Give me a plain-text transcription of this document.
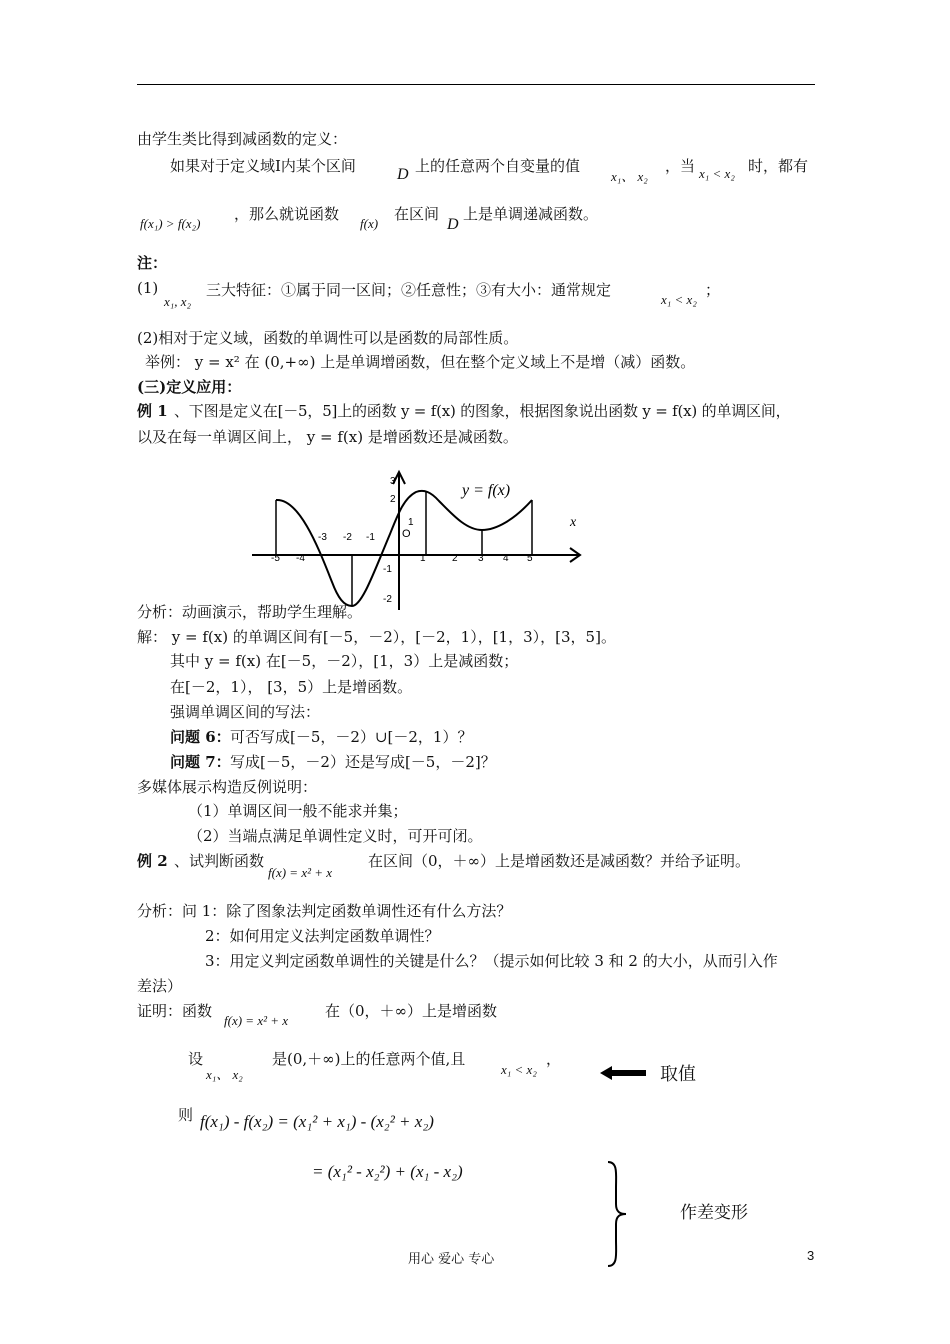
由学生类比得到减函数的定义：
如果对于定义域Ⅰ内某个区间	D 上的任意两个自变量的值
x₁、 x₂
，当 x₁ < x₂ 时，都有
f(x₁) > f(x₂)
，那么就说函数
f(x)
在区间
D
上是单调递减函数。
注：
(1)
x₁, x₂
三大特征：①属于同一区间；②任意性；③有大小：通常规定
x₁ < x₂
；
(2)相对于定义域，函数的单调性可以是函数的局部性质。
举例： y = x² 在 (0,+∞) 上是单调增函数，但在整个定义域上不是增（减）函数。
(三)定义应用：
例 1 、下图是定义在[－5，5]上的函数 y = f(x) 的图象，根据图象说出函数 y = f(x) 的单调区间，
以及在每一单调区间上， y = f(x) 是增函数还是减函数。
-5 -4
-3 -2 -1 O
1	2 3 4 5
3
2
1
-1
-2
x
y = f(x)
分析：动画演示，帮助学生理解。
解： y = f(x) 的单调区间有[－5，－2），[－2，1），[1，3），[3，5]。
其中 y = f(x) 在[－5，－2），[1，3）上是减函数；
在[－2，1）， [3，5）上是增函数。
强调单调区间的写法：
问题 6： 可否写成[－5，－2）∪[－2，1）？
问题 7： 写成[－5，－2）还是写成[－5，－2]？
多媒体展示构造反例说明：
（1）单调区间一般不能求并集；
（2）当端点满足单调性定义时，可开可闭。
例 2 、试判断函数
f(x) = x² + x
在区间（0，＋∞）上是增函数还是减函数？并给予证明。
分析：问 1：除了图象法判定函数单调性还有什么方法？
2：如何用定义法判定函数单调性？
3：用定义判定函数单调性的关键是什么？（提示如何比较 3 和 2 的大小，从而引入作
差法）
证明：函数
f(x) = x² + x
在（0，＋∞）上是增函数
设
x₁、 x₂
是(0,＋∞)上的任意两个值,且
x₁ < x₂
，
取值
则 f(x₁) - f(x₂) = (x₁² + x₁) - (x₂² + x₂)
= (x₁² - x₂²) + (x₁ - x₂)
作差变形
用心 爱心 专心	3
